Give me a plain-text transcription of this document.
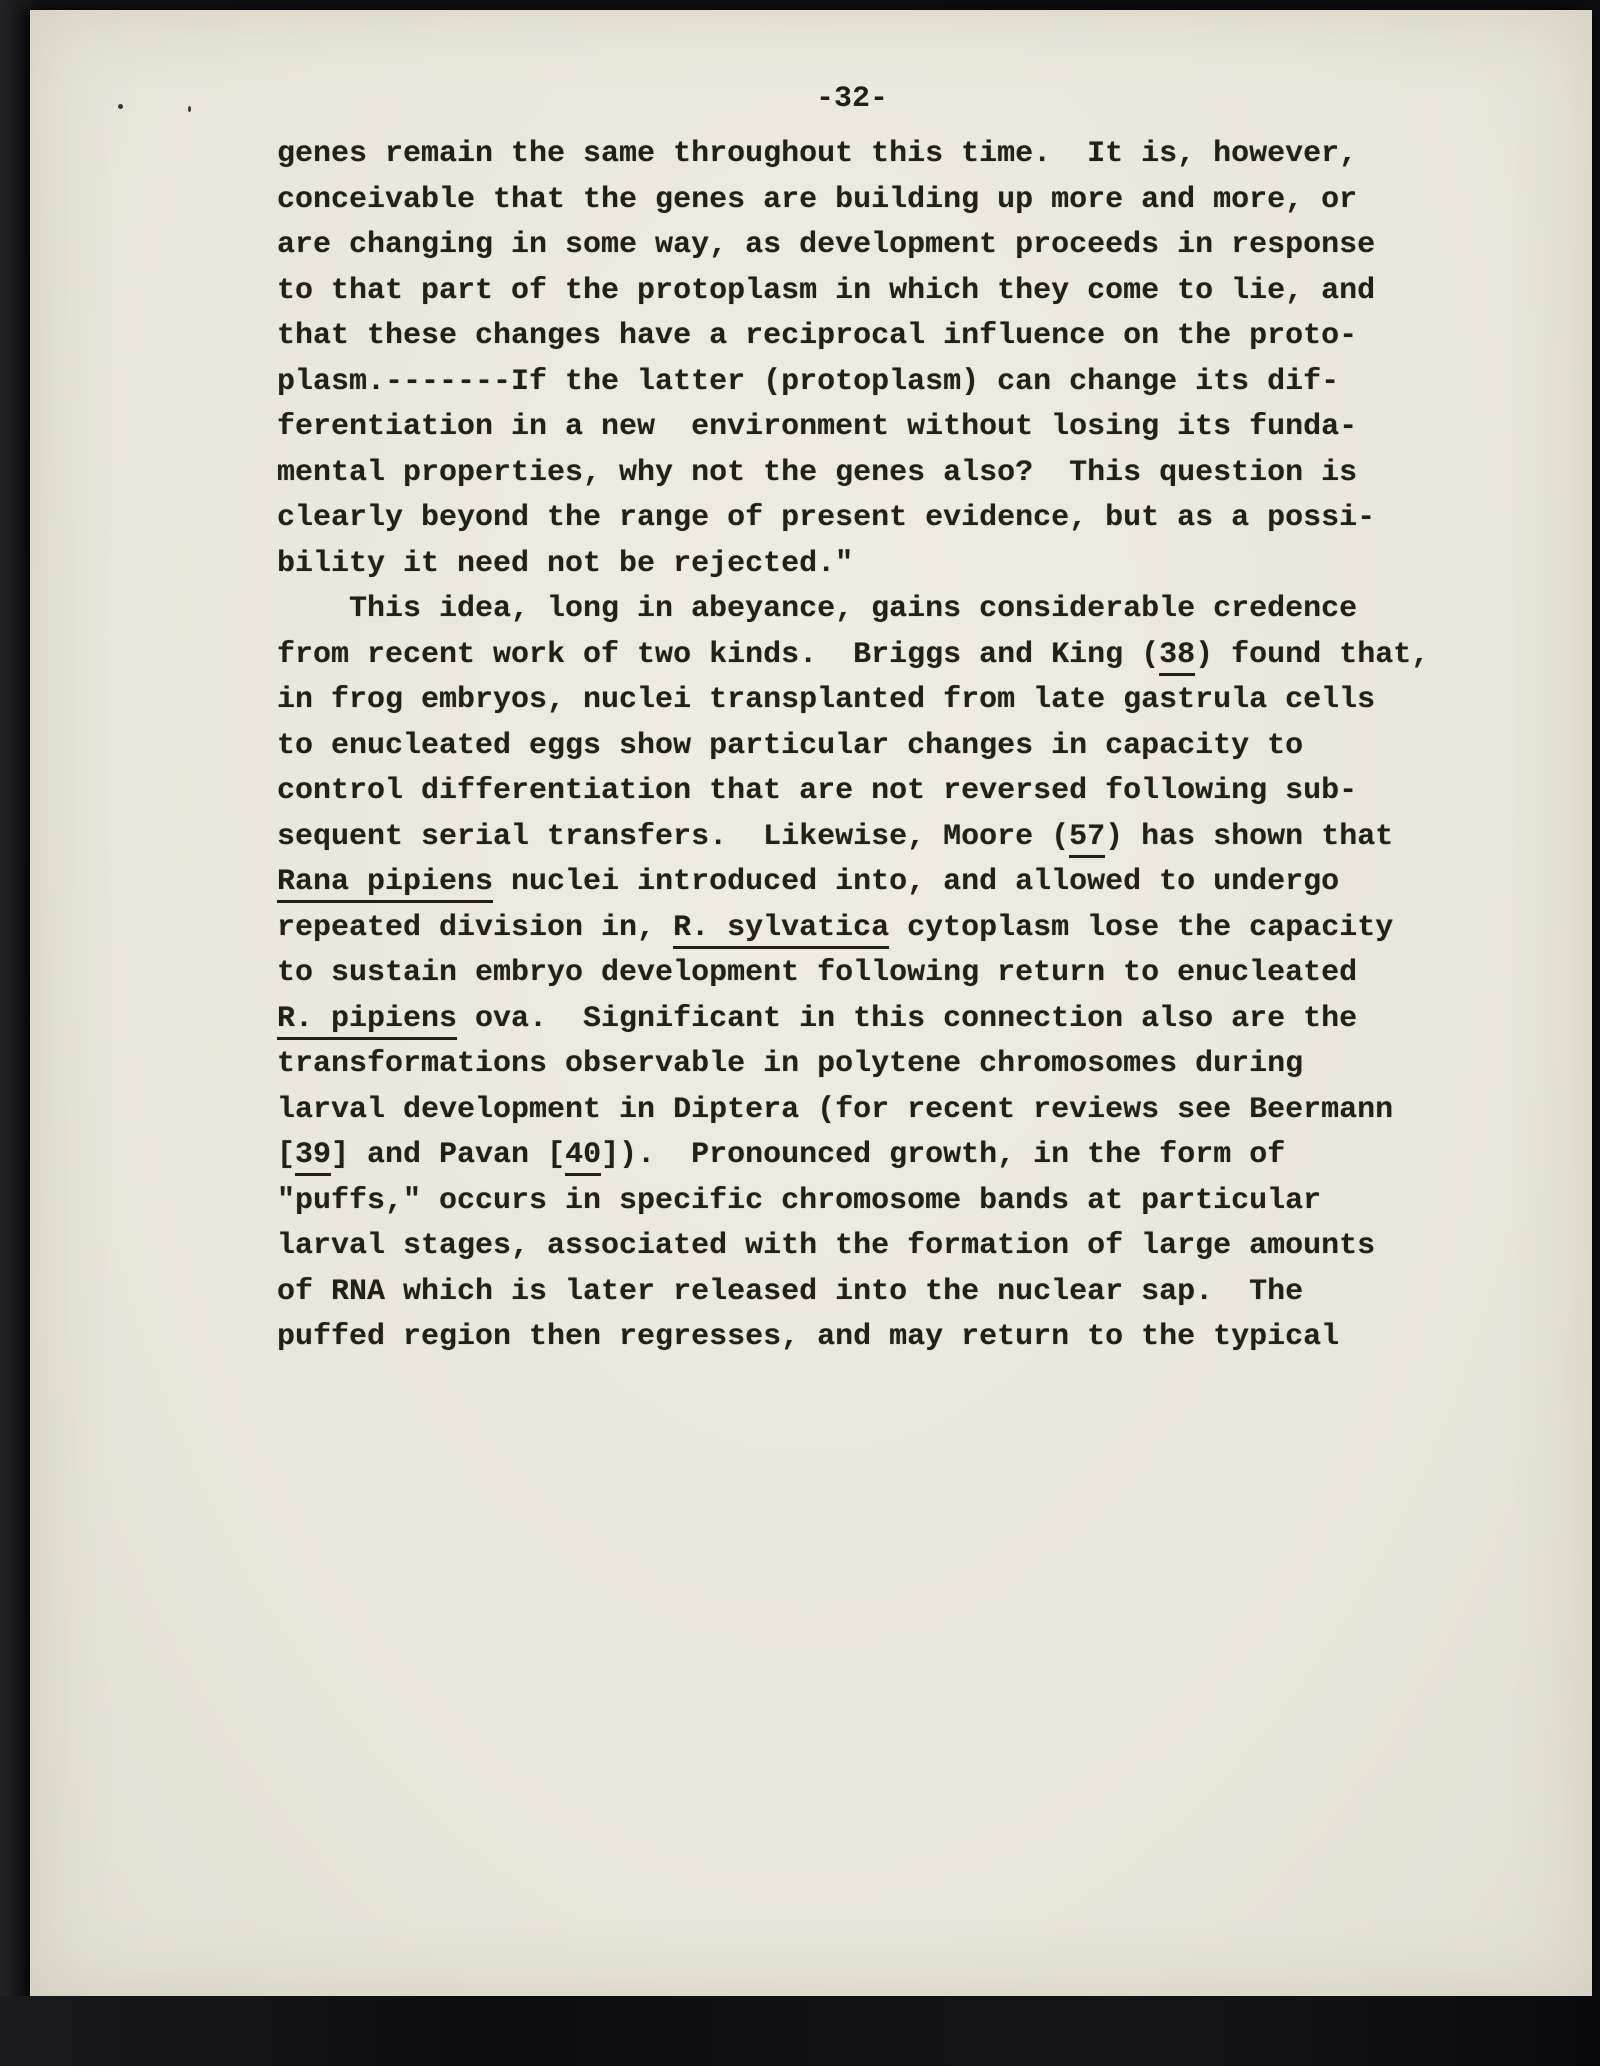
-32-
genes remain the same throughout this time.  It is, however,
conceivable that the genes are building up more and more, or
are changing in some way, as development proceeds in response
to that part of the protoplasm in which they come to lie, and
that these changes have a reciprocal influence on the proto-
plasm.-------If the latter (protoplasm) can change its dif-
ferentiation in a new  environment without losing its funda-
mental properties, why not the genes also?  This question is
clearly beyond the range of present evidence, but as a possi-
bility it need not be rejected."
This idea, long in abeyance, gains considerable credence
from recent work of two kinds.  Briggs and King (38) found that,
in frog embryos, nuclei transplanted from late gastrula cells
to enucleated eggs show particular changes in capacity to
control differentiation that are not reversed following sub-
sequent serial transfers.  Likewise, Moore (57) has shown that
Rana pipiens nuclei introduced into, and allowed to undergo
repeated division in, R. sylvatica cytoplasm lose the capacity
to sustain embryo development following return to enucleated
R. pipiens ova.  Significant in this connection also are the
transformations observable in polytene chromosomes during
larval development in Diptera (for recent reviews see Beermann
[39] and Pavan [40]).  Pronounced growth, in the form of
"puffs," occurs in specific chromosome bands at particular
larval stages, associated with the formation of large amounts
of RNA which is later released into the nuclear sap.  The
puffed region then regresses, and may return to the typical
